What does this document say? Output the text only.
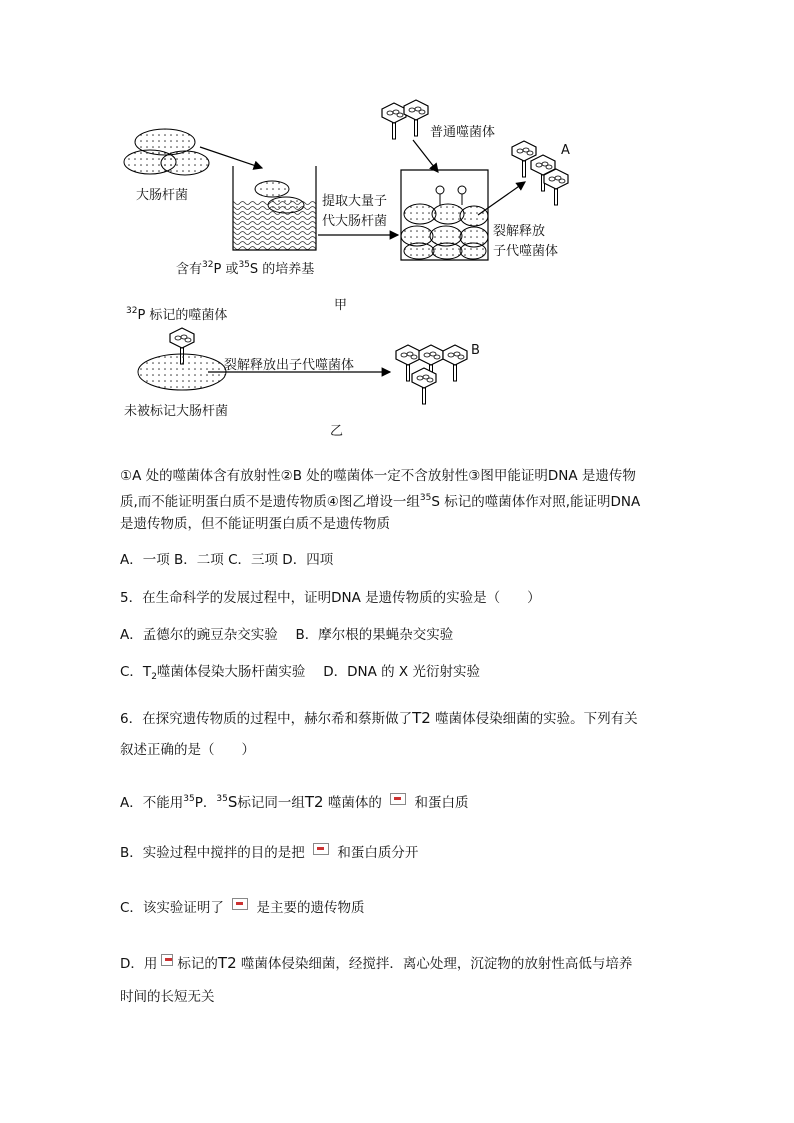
大肠杆菌
含有$^{32}$P 或$^{35}$S 的培养基
提取大量子
代大肠杆菌
普通噬菌体
裂解释放
子代噬菌体
A
甲
$^{32}$P 标记的噬菌体
裂解释放出子代噬菌体
未被标记大肠杆菌
B
乙
①A 处的噬菌体含有放射性②B 处的噬菌体一定不含放射性③图甲能证明DNA 是遗传物
质,而不能证明蛋白质不是遗传物质④图乙增设一组$^{35}$S 标记的噬菌体作对照,能证明DNA
是遗传物质，但不能证明蛋白质不是遗传物质
A．一项 B．二项 C．三项 D．四项
5．在生命科学的发展过程中，证明DNA 是遗传物质的实验是（　　）
A．孟德尔的豌豆杂交实验　 B．摩尔根的果蝇杂交实验
C．$T_2$噬菌体侵染大肠杆菌实验　 D．DNA 的 X 光衍射实验
6．在探究遗传物质的过程中，赫尔希和蔡斯做了T2 噬菌体侵染细菌的实验。下列有关
叙述正确的是（　　）
A．不能用$^{35}$P．$^{35}$S标记同一组T2 噬菌体的 和蛋白质
B．实验过程中搅拌的目的是把 和蛋白质分开
C．该实验证明了 是主要的遗传物质
D．用 标记的T2 噬菌体侵染细菌，经搅拌．离心处理，沉淀物的放射性高低与培养
时间的长短无关
